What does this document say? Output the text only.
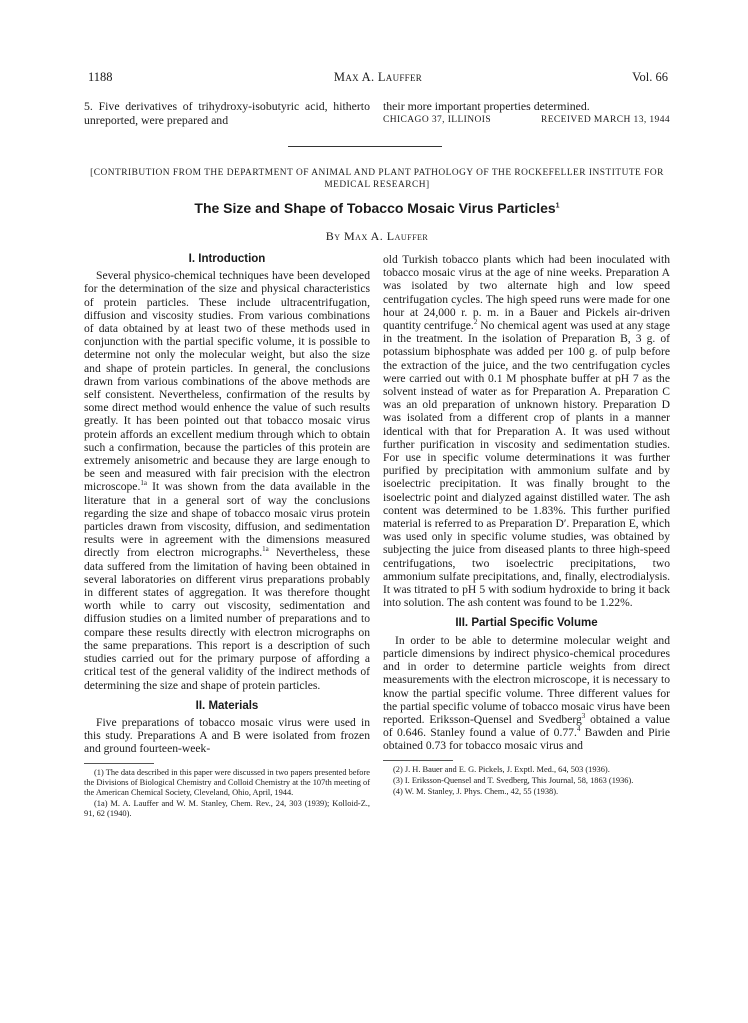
1188	Max A. Lauffer	Vol. 66
5. Five derivatives of trihydroxy-isobutyric acid, hitherto unreported, were prepared and
their more important properties determined.
CHICAGO 37, ILLINOIS	RECEIVED MARCH 13, 1944
[CONTRIBUTION FROM THE DEPARTMENT OF ANIMAL AND PLANT PATHOLOGY OF THE ROCKEFELLER INSTITUTE FOR MEDICAL RESEARCH]
The Size and Shape of Tobacco Mosaic Virus Particles$^1$
By Max A. Lauffer
I. Introduction

Several physico-chemical techniques have been developed for the determination of the size and physical characteristics of protein particles. These include ultracentrifugation, diffusion and viscosity studies. From various combinations of data obtained by at least two of these methods used in conjunction with the partial specific volume, it is possible to determine not only the molecular weight, but also the size and shape of protein particles. In general, the conclusions drawn from various combinations of the above methods are self consistent. Nevertheless, confirmation of the results by some direct method would enhence the value of such results greatly. It has been pointed out that tobacco mosaic virus protein affords an excellent medium through which to obtain such a confirmation, because the particles of this protein are extremely anisometric and because they are large enough to be seen and measured with fair precision with the electron microscope.$^{1a}$ It was shown from the data available in the literature that in a general sort of way the conclusions regarding the size and shape of tobacco mosaic virus protein particles drawn from viscosity, diffusion, and sedimentation results were in agreement with the dimensions measured directly from electron micrographs.$^{1a}$ Nevertheless, these data suffered from the limitation of having been obtained in several laboratories on different virus preparations probably in different states of aggregation. It was therefore thought worth while to carry out viscosity, sedimentation and diffusion studies on a limited number of preparations and to compare these results directly with electron micrographs on the same preparations. This report is a description of such studies carried out for the primary purpose of affording a critical test of the general validity of the indirect methods of determining the size and shape of protein particles.

II. Materials

Five preparations of tobacco mosaic virus were used in this study. Preparations A and B were isolated from frozen and ground fourteen-week-

(1) The data described in this paper were discussed in two papers presented before the Divisions of Biological Chemistry and Colloid Chemistry at the 107th meeting of the American Chemical Society, Cleveland, Ohio, April, 1944.

(1a) M. A. Lauffer and W. M. Stanley, Chem. Rev., 24, 303 (1939); Kolloid-Z., 91, 62 (1940).

old Turkish tobacco plants which had been inoculated with tobacco mosaic virus at the age of nine weeks. Preparation A was isolated by two alternate high and low speed centrifugation cycles. The high speed runs were made for one hour at 24,000 r. p. m. in a Bauer and Pickels air-driven quantity centrifuge.$^2$ No chemical agent was used at any stage in the treatment. In the isolation of Preparation B, 3 g. of potassium biphosphate was added per 100 g. of pulp before the extraction of the juice, and the two centrifugation cycles were carried out with 0.1 M phosphate buffer at pH 7 as the solvent instead of water as for Preparation A. Preparation C was an old preparation of unknown history. Preparation D was isolated from a different crop of plants in a manner identical with that for Preparation A. It was used without further purification in viscosity and sedimentation studies. For use in specific volume determinations it was further purified by precipitation with ammonium sulfate and by isoelectric precipitation. It was finally brought to the isoelectric point and dialyzed against distilled water. The ash content was determined to be 1.83%. This further purified material is referred to as Preparation D′. Preparation E, which was used only in specific volume studies, was obtained by subjecting the juice from diseased plants to three high-speed centrifugations, two isoelectric precipitations, two ammonium sulfate precipitations, and, finally, electrodialysis. It was titrated to pH 5 with sodium hydroxide to bring it back into solution. The ash content was found to be 1.22%.

III. Partial Specific Volume

In order to be able to determine molecular weight and particle dimensions by indirect physico-chemical procedures and in order to determine particle weights from direct measurements with the electron microscope, it is necessary to know the partial specific volume. Three different values for the partial specific volume of tobacco mosaic virus have been reported. Eriksson-Quensel and Svedberg$^3$ obtained a value of 0.646. Stanley found a value of 0.77.$^4$ Bawden and Pirie obtained 0.73 for tobacco mosaic virus and

(2) J. H. Bauer and E. G. Pickels, J. Exptl. Med., 64, 503 (1936).

(3) I. Eriksson-Quensel and T. Svedberg, This Journal, 58, 1863 (1936).

(4) W. M. Stanley, J. Phys. Chem., 42, 55 (1938).
